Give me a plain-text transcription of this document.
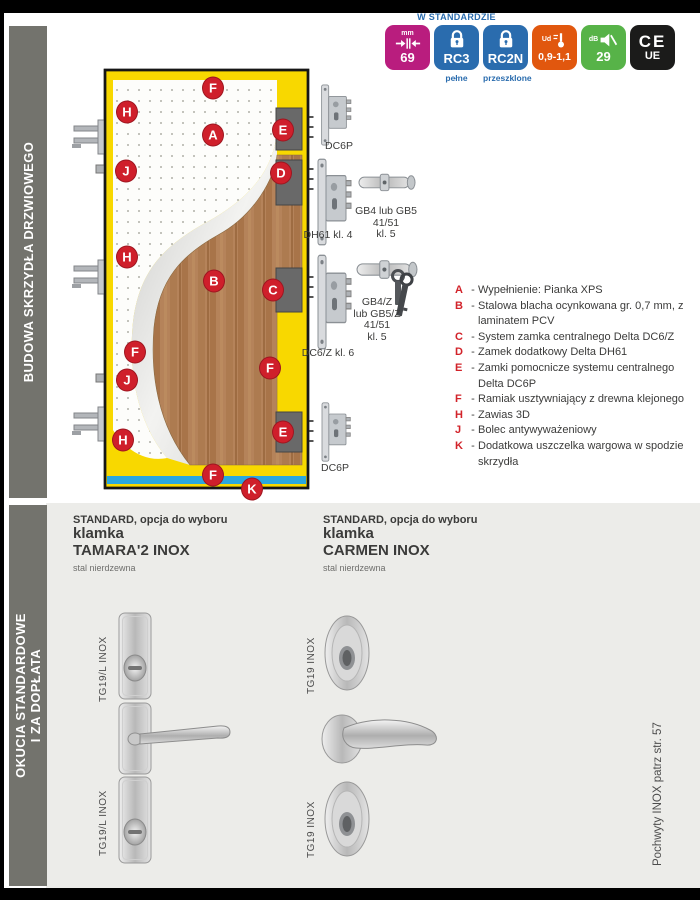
BUDOWA SKRZYDŁA DRZWIOWEGO
OKUCIA STANDARDOWE I ZA DOPŁATA
W STANDARDZIE
mm
69 RC3 RC2N
Ud
0,9-1,1
dB
29
CE
UE
pełne	przeszklone
F
H
A	E
J	D
H
B
C
F
J
F
H
E
F
K
DC6P
GB4 lub GB5
41/51
kl. 5
DH61 kl. 4
GB4/Z
lub GB5/Z
41/51
kl. 5
DC6/Z kl. 6
DC6P
A - Wypełnienie: Pianka XPS
B - Stalowa blacha ocynkowana gr. 0,7 mm, z laminatem PCV
C - System zamka centralnego Delta DC6/Z
D - Zamek dodatkowy Delta DH61
E - Zamki pomocnicze systemu centralnego Delta DC6P
F - Ramiak usztywniający z drewna klejonego
H - Zawias 3D
J - Bolec antywyważeniowy
K - Dodatkowa uszczelka wargowa w spodzie skrzydła
STANDARD, opcja do wyboru
klamka
TAMARA'2 INOX
stal nierdzewna
STANDARD, opcja do wyboru
klamka
CARMEN INOX
stal nierdzewna
TG19/L INOX
TG19/L INOX
TG19 INOX
TG19 INOX	Pochwyty INOX patrz str. 57
